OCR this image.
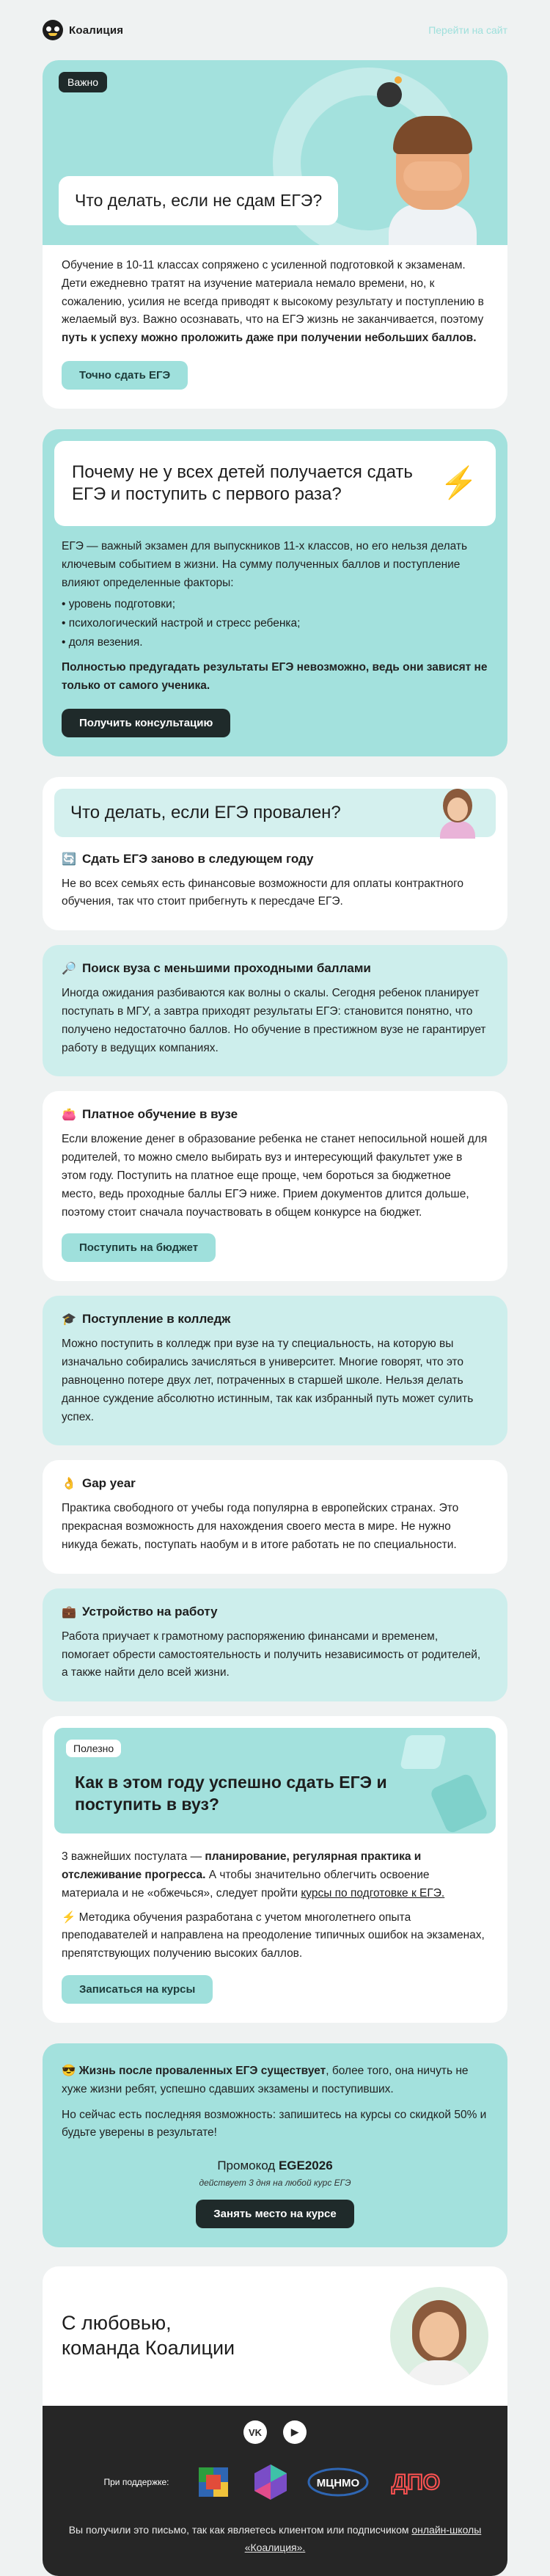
Коалиция	Перейти на сайт
Важно
Что делать, если не сдам ЕГЭ?

Обучение в 10-11 классах сопряжено с усиленной подготовкой к экзаменам. Дети ежедневно тратят на изучение материала немало времени, но, к сожалению, усилия не всегда приводят к высокому результату и поступлению в желаемый вуз. Важно осознавать, что на ЕГЭ жизнь не заканчивается, поэтому путь к успеху можно проложить даже при получении небольших баллов.

Точно сдать ЕГЭ
Почему не у всех детей получается сдать ЕГЭ и поступить с первого раза?	⚡

ЕГЭ — важный экзамен для выпускников 11-х классов, но его нельзя делать ключевым событием в жизни. На сумму полученных баллов и поступление влияют определенные факторы:

• уровень подготовки;
• психологический настрой и стресс ребенка;
• доля везения.

Полностью предугадать результаты ЕГЭ невозможно, ведь они зависят не только от самого ученика.

Получить консультацию
Что делать, если ЕГЭ провален?
🔄 Сдать ЕГЭ заново в следующем году

Не во всех семьях есть финансовые возможности для оплаты контрактного обучения, так что стоит прибегнуть к пересдаче ЕГЭ.

🔎 Поиск вуза с меньшими проходными баллами

Иногда ожидания разбиваются как волны о скалы. Сегодня ребенок планирует поступать в МГУ, а завтра приходят результаты ЕГЭ: становится понятно, что получено недостаточно баллов. Но обучение в престижном вузе не гарантирует работу в ведущих компаниях.

👛 Платное обучение в вузе

Если вложение денег в образование ребенка не станет непосильной ношей для родителей, то можно смело выбирать вуз и интересующий факультет уже в этом году. Поступить на платное еще проще, чем бороться за бюджетное место, ведь проходные баллы ЕГЭ ниже. Прием документов длится дольше, поэтому стоит сначала поучаствовать в общем конкурсе на бюджет.

Поступить на бюджет
🎓 Поступление в колледж

Можно поступить в колледж при вузе на ту специальность, на которую вы изначально собирались зачисляться в университет. Многие говорят, что это равноценно потере двух лет, потраченных в старшей школе. Нельзя делать данное суждение абсолютно истинным, так как избранный путь может сулить успех.

👌 Gap year

Практика свободного от учебы года популярна в европейских странах. Это прекрасная возможность для нахождения своего места в мире. Не нужно никуда бежать, поступать наобум и в итоге работать не по специальности.

💼 Устройство на работу

Работа приучает к грамотному распоряжению финансами и временем, помогает обрести самостоятельность и получить независимость от родителей, а также найти дело всей жизни.

Полезно
Как в этом году успешно сдать ЕГЭ и поступить в вуз?

3 важнейших постулата — планирование, регулярная практика и отслеживание прогресса. А чтобы значительно облегчить освоение материала и не «обжечься», следует пройти курсы по подготовке к ЕГЭ.

⚡ Методика обучения разработана с учетом многолетнего опыта преподавателей и направлена на преодоление типичных ошибок на экзаменах, препятствующих получению высоких баллов.

Записаться на курсы

😎 Жизнь после проваленных ЕГЭ существует, более того, она ничуть не хуже жизни ребят, успешно сдавших экзамены и поступивших.

Но сейчас есть последняя возможность: запишитесь на курсы со скидкой 50% и будьте уверены в результате!

Промокод EGE2026
действует 3 дня на любой курс ЕГЭ
Занять место на курсе
С любовью,
команда Коалиции
VK	▶
При поддержке:	МЦНМО ДПО
Вы получили это письмо, так как являетесь клиентом или подписчиком онлайн-школы «Коалиция».
